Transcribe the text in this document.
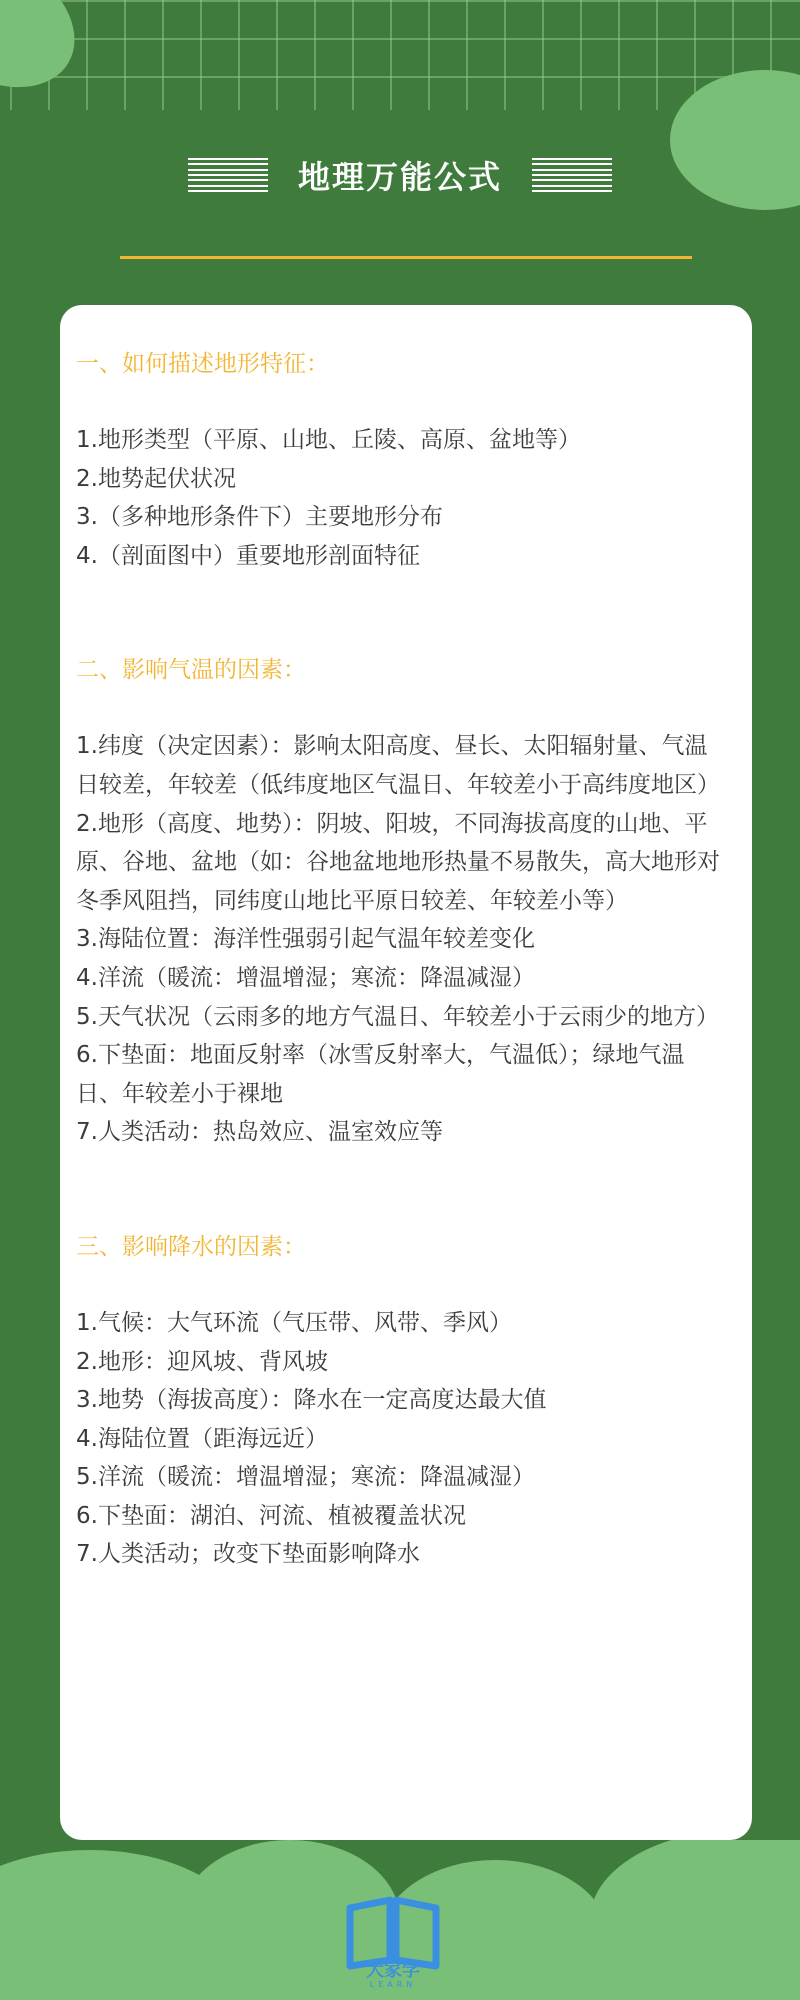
地理万能公式

一、如何描述地形特征：

1.地形类型（平原、山地、丘陵、高原、盆地等）

2.地势起伏状况

3.（多种地形条件下）主要地形分布

4.（剖面图中）重要地形剖面特征

二、影响气温的因素：

1.纬度（决定因素）：影响太阳高度、昼长、太阳辐射量、气温日较差，年较差（低纬度地区气温日、年较差小于高纬度地区）

2.地形（高度、地势）：阴坡、阳坡，不同海拔高度的山地、平原、谷地、盆地（如：谷地盆地地形热量不易散失，高大地形对冬季风阻挡，同纬度山地比平原日较差、年较差小等）

3.海陆位置：海洋性强弱引起气温年较差变化

4.洋流（暖流：增温增湿；寒流：降温减湿）

5.天气状况（云雨多的地方气温日、年较差小于云雨少的地方）

6.下垫面：地面反射率（冰雪反射率大，气温低）；绿地气温日、年较差小于裸地

7.人类活动：热岛效应、温室效应等

三、影响降水的因素：

1.气候：大气环流（气压带、风带、季风）

2.地形：迎风坡、背风坡

3.地势（海拔高度）：降水在一定高度达最大值

4.海陆位置（距海远近）

5.洋流（暖流：增温增湿；寒流：降温减湿）

6.下垫面：湖泊、河流、植被覆盖状况

7.人类活动；改变下垫面影响降水

大家学
LEARN
